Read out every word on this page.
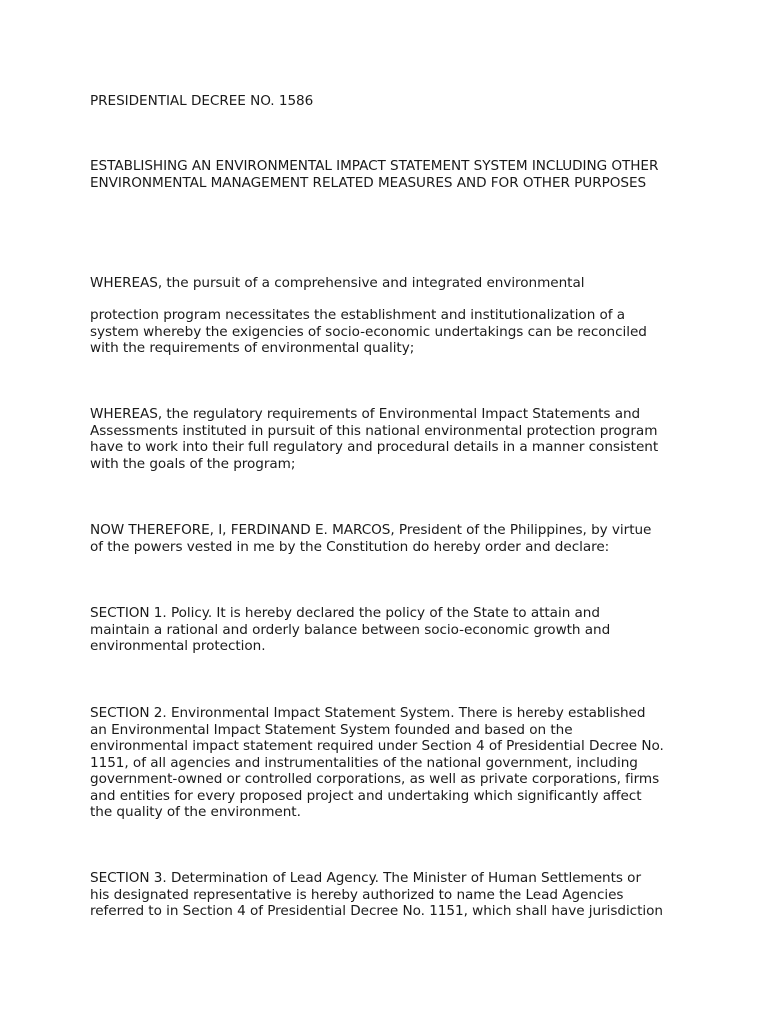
PRESIDENTIAL DECREE NO. 1586

ESTABLISHING AN ENVIRONMENTAL IMPACT STATEMENT SYSTEM INCLUDING OTHER
ENVIRONMENTAL MANAGEMENT RELATED MEASURES AND FOR OTHER PURPOSES

WHEREAS, the pursuit of a comprehensive and integrated environmental

protection program necessitates the establishment and institutionalization of a
system whereby the exigencies of socio-economic undertakings can be reconciled
with the requirements of environmental quality;

WHEREAS, the regulatory requirements of Environmental Impact Statements and
Assessments instituted in pursuit of this national environmental protection program
have to work into their full regulatory and procedural details in a manner consistent
with the goals of the program;

NOW THEREFORE, I, FERDINAND E. MARCOS, President of the Philippines, by virtue
of the powers vested in me by the Constitution do hereby order and declare:

SECTION 1. Policy. It is hereby declared the policy of the State to attain and
maintain a rational and orderly balance between socio-economic growth and
environmental protection.

SECTION 2. Environmental Impact Statement System. There is hereby established
an Environmental Impact Statement System founded and based on the
environmental impact statement required under Section 4 of Presidential Decree No.
1151, of all agencies and instrumentalities of the national government, including
government-owned or controlled corporations, as well as private corporations, firms
and entities for every proposed project and undertaking which significantly affect
the quality of the environment.

SECTION 3. Determination of Lead Agency. The Minister of Human Settlements or
his designated representative is hereby authorized to name the Lead Agencies
referred to in Section 4 of Presidential Decree No. 1151, which shall have jurisdiction
